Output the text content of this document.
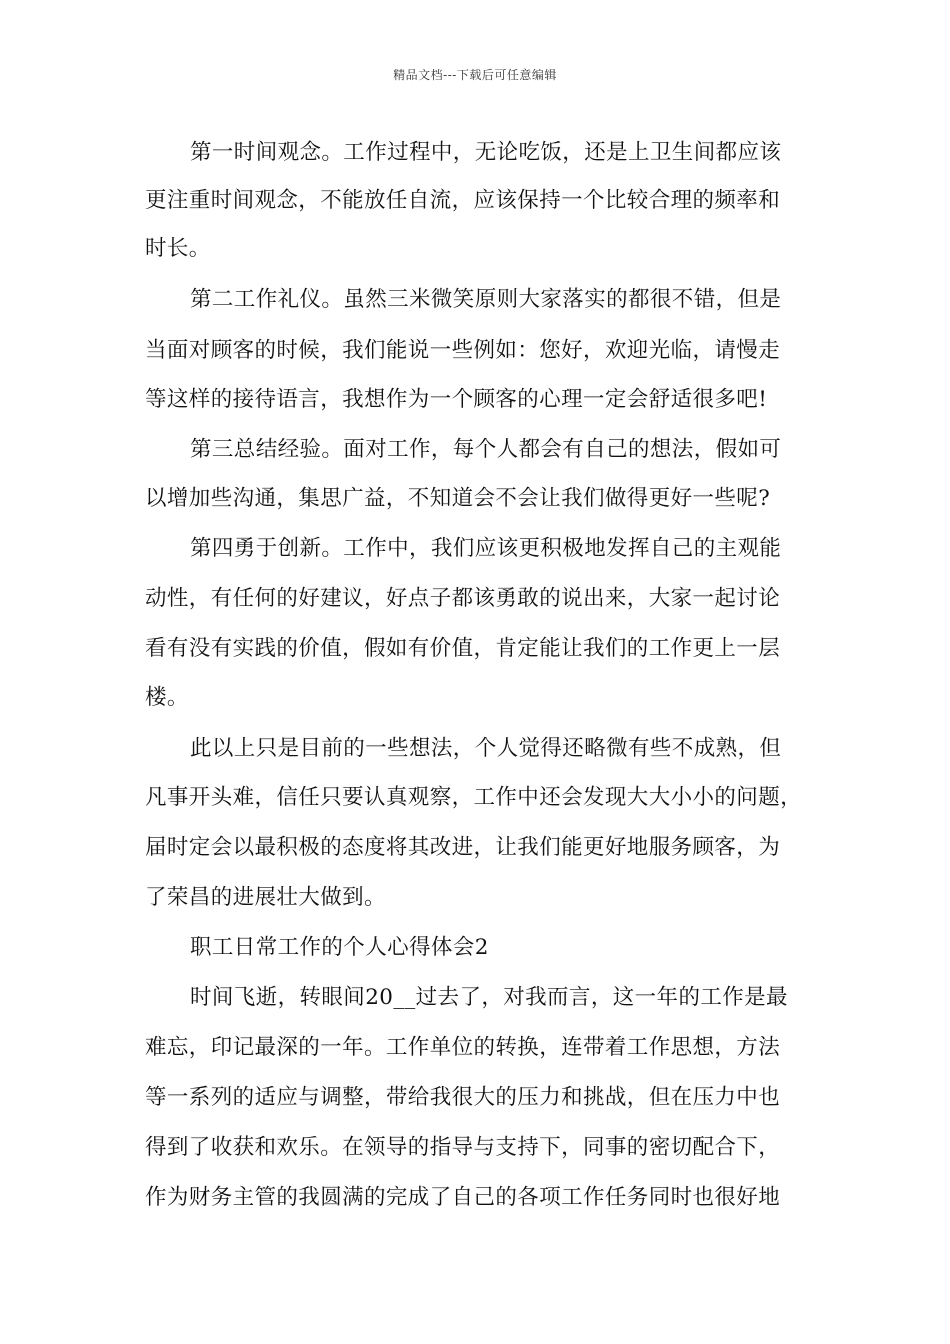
精品文档---下载后可任意编辑
第一时间观念。工作过程中，无论吃饭，还是上卫生间都应该
更注重时间观念，不能放任自流，应该保持一个比较合理的频率和
时长。
第二工作礼仪。虽然三米微笑原则大家落实的都很不错，但是
当面对顾客的时候，我们能说一些例如：您好，欢迎光临，请慢走
等这样的接待语言，我想作为一个顾客的心理一定会舒适很多吧!
第三总结经验。面对工作，每个人都会有自己的想法，假如可
以增加些沟通，集思广益，不知道会不会让我们做得更好一些呢?
第四勇于创新。工作中，我们应该更积极地发挥自己的主观能
动性，有任何的好建议，好点子都该勇敢的说出来，大家一起讨论
看有没有实践的价值，假如有价值，肯定能让我们的工作更上一层
楼。
此以上只是目前的一些想法，个人觉得还略微有些不成熟，但
凡事开头难，信任只要认真观察，工作中还会发现大大小小的问题，
届时定会以最积极的态度将其改进，让我们能更好地服务顾客，为
了荣昌的进展壮大做到。
职工日常工作的个人心得体会2
时间飞逝，转眼间20__过去了，对我而言，这一年的工作是最
难忘，印记最深的一年。工作单位的转换，连带着工作思想，方法
等一系列的适应与调整，带给我很大的压力和挑战，但在压力中也
得到了收获和欢乐。在领导的指导与支持下，同事的密切配合下，
作为财务主管的我圆满的完成了自己的各项工作任务同时也很好地
